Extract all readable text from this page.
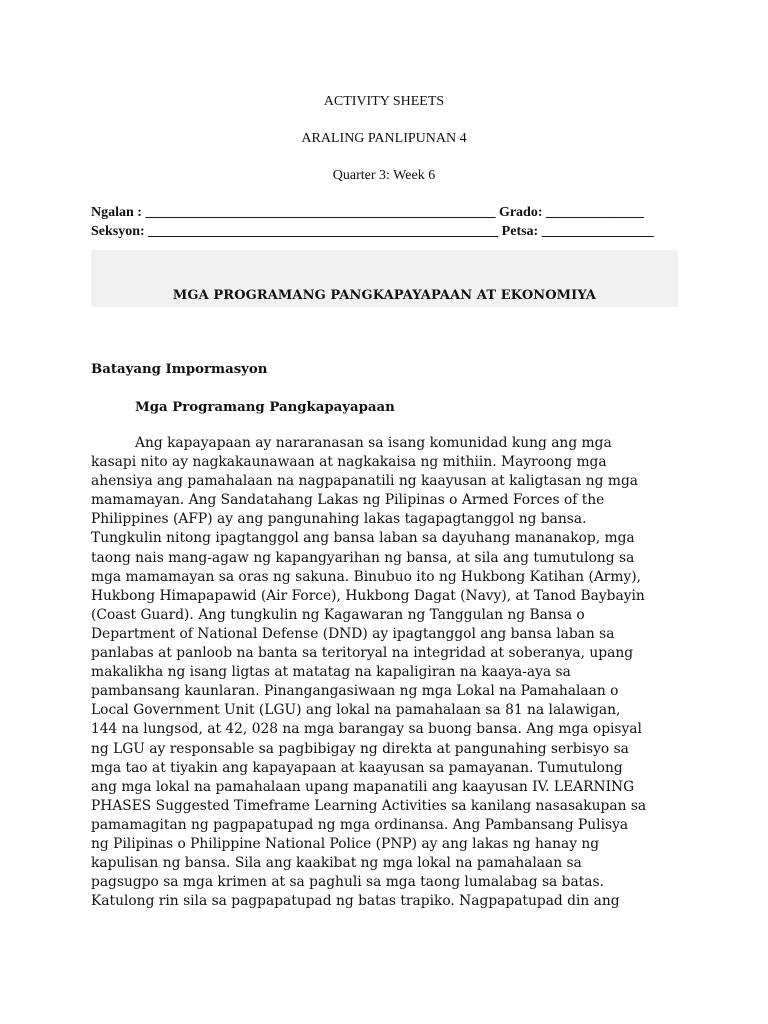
ACTIVITY SHEETS
ARALING PANLIPUNAN 4
Quarter 3: Week 6
Ngalan : __________________________________________________ Grado: ______________
Seksyon: __________________________________________________ Petsa: ________________
MGA PROGRAMANG PANGKAPAYAPAAN AT EKONOMIYA
Batayang Impormasyon
Mga Programang Pangkapayapaan
Ang kapayapaan ay nararanasan sa isang komunidad kung ang mga
kasapi nito ay nagkakaunawaan at nagkakaisa ng mithiin. Mayroong mga
ahensiya ang pamahalaan na nagpapanatili ng kaayusan at kaligtasan ng mga
mamamayan. Ang Sandatahang Lakas ng Pilipinas o Armed Forces of the
Philippines (AFP) ay ang pangunahing lakas tagapagtanggol ng bansa.
Tungkulin nitong ipagtanggol ang bansa laban sa dayuhang mananakop, mga
taong nais mang-agaw ng kapangyarihan ng bansa, at sila ang tumutulong sa
mga mamamayan sa oras ng sakuna. Binubuo ito ng Hukbong Katihan (Army),
Hukbong Himapapawid (Air Force), Hukbong Dagat (Navy), at Tanod Baybayin
(Coast Guard). Ang tungkulin ng Kagawaran ng Tanggulan ng Bansa o
Department of National Defense (DND) ay ipagtanggol ang bansa laban sa
panlabas at panloob na banta sa teritoryal na integridad at soberanya, upang
makalikha ng isang ligtas at matatag na kapaligiran na kaaya-aya sa
pambansang kaunlaran. Pinangangasiwaan ng mga Lokal na Pamahalaan o
Local Government Unit (LGU) ang lokal na pamahalaan sa 81 na lalawigan,
144 na lungsod, at 42, 028 na mga barangay sa buong bansa. Ang mga opisyal
ng LGU ay responsable sa pagbibigay ng direkta at pangunahing serbisyo sa
mga tao at tiyakin ang kapayapaan at kaayusan sa pamayanan. Tumutulong
ang mga lokal na pamahalaan upang mapanatili ang kaayusan IV. LEARNING
PHASES Suggested Timeframe Learning Activities sa kanilang nasasakupan sa
pamamagitan ng pagpapatupad ng mga ordinansa. Ang Pambansang Pulisya
ng Pilipinas o Philippine National Police (PNP) ay ang lakas ng hanay ng
kapulisan ng bansa. Sila ang kaakibat ng mga lokal na pamahalaan sa
pagsugpo sa mga krimen at sa paghuli sa mga taong lumalabag sa batas.
Katulong rin sila sa pagpapatupad ng batas trapiko. Nagpapatupad din ang
